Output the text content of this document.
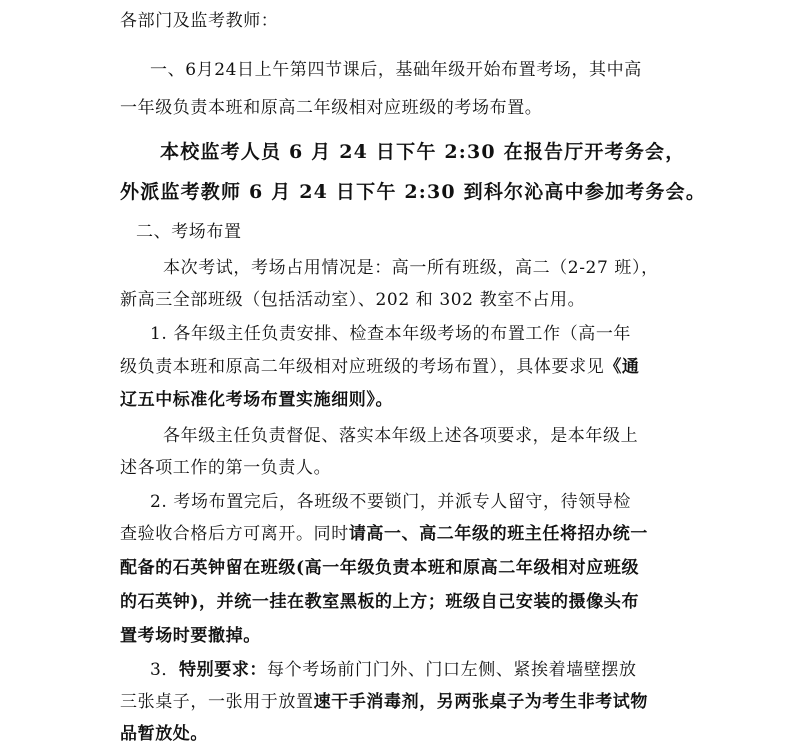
各部门及监考教师：
一、6月24日上午第四节课后，基础年级开始布置考场，其中高
一年级负责本班和原高二年级相对应班级的考场布置。
本校监考人员 6 月 24 日下午 2:30 在报告厅开考务会，
外派监考教师 6 月 24 日下午 2:30 到科尔沁高中参加考务会。
二、考场布置
本次考试，考场占用情况是：高一所有班级，高二（2-27 班），
新高三全部班级（包括活动室）、202 和 302 教室不占用。
1. 各年级主任负责安排、检查本年级考场的布置工作（高一年
级负责本班和原高二年级相对应班级的考场布置），具体要求见《通
辽五中标准化考场布置实施细则》。
各年级主任负责督促、落实本年级上述各项要求，是本年级上
述各项工作的第一负责人。
2. 考场布置完后，各班级不要锁门，并派专人留守，待领导检
查验收合格后方可离开。同时请高一、高二年级的班主任将招办统一
配备的石英钟留在班级(高一年级负责本班和原高二年级相对应班级
的石英钟)，并统一挂在教室黑板的上方；班级自己安装的摄像头布
置考场时要撤掉。
3．特别要求：每个考场前门门外、门口左侧、紧挨着墙壁摆放
三张桌子，一张用于放置速干手消毒剂，另两张桌子为考生非考试物
品暂放处。
